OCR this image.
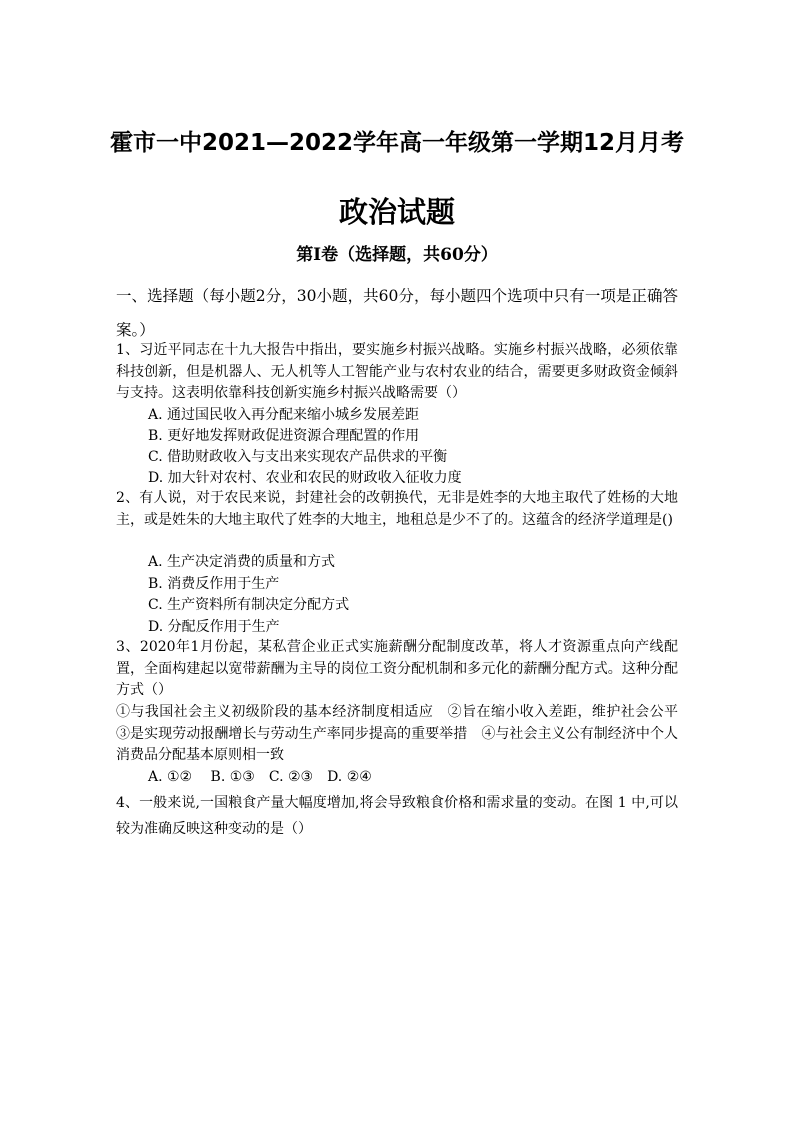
霍市一中2021—2022学年高一年级第一学期12月月考
政治试题
第I卷（选择题，共60分）
一、选择题（每小题2分，30小题，共60分，每小题四个选项中只有一项是正确答案。）
1、习近平同志在十九大报告中指出，要实施乡村振兴战略。实施乡村振兴战略，必须依靠科技创新，但是机器人、无人机等人工智能产业与农村农业的结合，需要更多财政资金倾斜与支持。这表明依靠科技创新实施乡村振兴战略需要（）
A. 通过国民收入再分配来缩小城乡发展差距
B. 更好地发挥财政促进资源合理配置的作用
C. 借助财政收入与支出来实现农产品供求的平衡
D. 加大针对农村、农业和农民的财政收入征收力度
2、有人说，对于农民来说，封建社会的改朝换代，无非是姓李的大地主取代了姓杨的大地主，或是姓朱的大地主取代了姓李的大地主，地租总是少不了的。这蕴含的经济学道理是()
A. 生产决定消费的质量和方式
B. 消费反作用于生产
C. 生产资料所有制决定分配方式
D. 分配反作用于生产
3、2020年1月份起，某私营企业正式实施薪酬分配制度改革，将人才资源重点向产线配置，全面构建起以宽带薪酬为主导的岗位工资分配机制和多元化的薪酬分配方式。这种分配方式（）
①与我国社会主义初级阶段的基本经济制度相适应　②旨在缩小收入差距，维护社会公平　③是实现劳动报酬增长与劳动生产率同步提高的重要举措　④与社会主义公有制经济中个人消费品分配基本原则相一致
A. ①②　 B. ①③　C. ②③　D. ②④
4、一般来说,一国粮食产量大幅度增加,将会导致粮食价格和需求量的变动。在图 1 中,可以较为准确反映这种变动的是（）
